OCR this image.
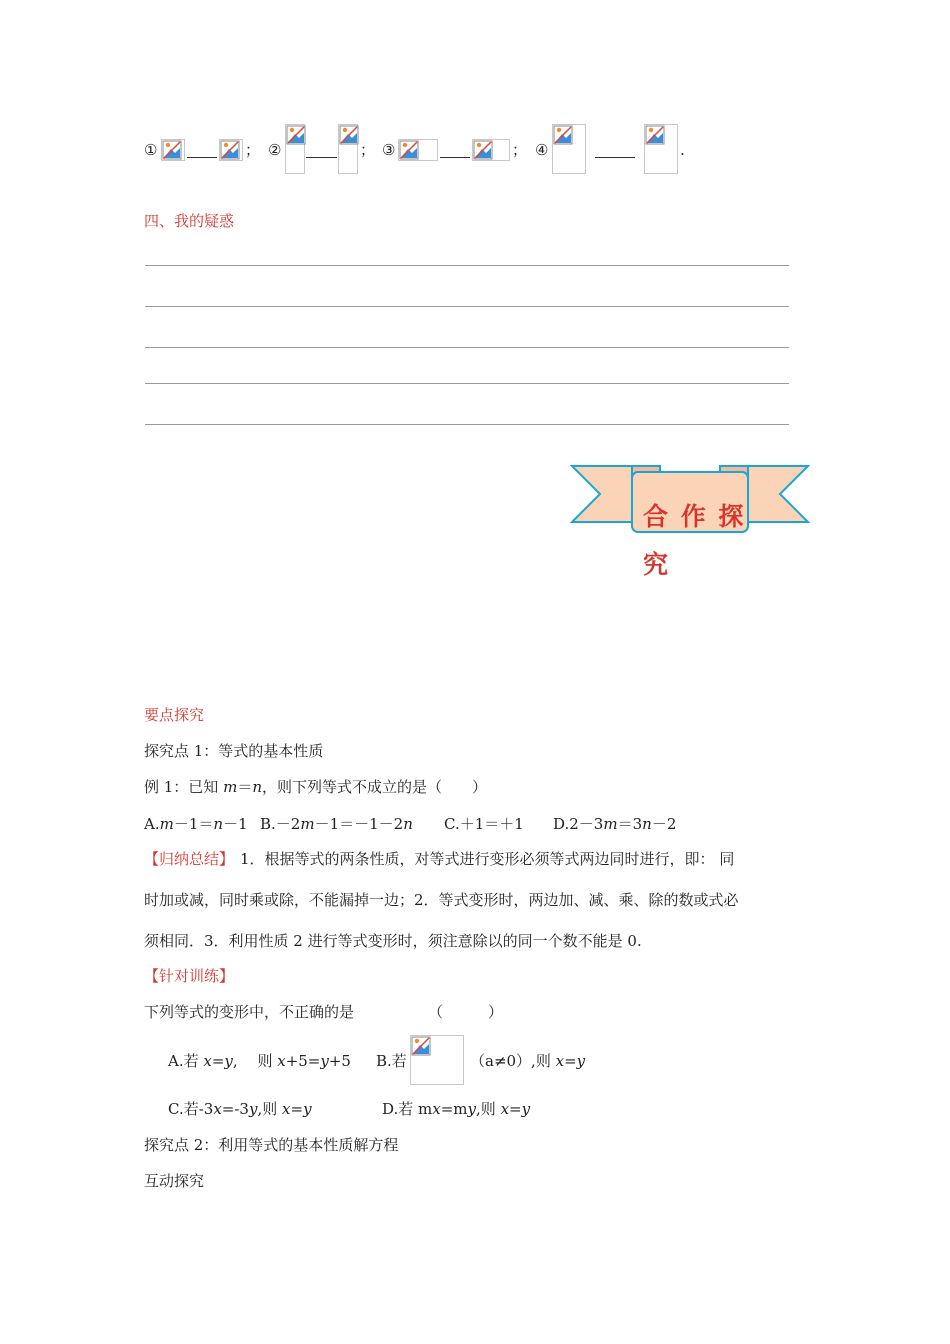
①	； ②	； ③	； ④	.
四、我的疑惑
合 作 探
究
要点探究
探究点 1：等式的基本性质
例 1：已知 m＝n，则下列等式不成立的是（　　）
A.m－1＝n－1 B.－2m－1＝－1－2n C.＋1＝＋1 D.2－3m＝3n－2
【归纳总结】 1．根据等式的两条性质，对等式进行变形必须等式两边同时进行，即： 同
时加或减，同时乘或除，不能漏掉一边；2．等式变形时，两边加、减、乘、除的数或式必
须相同．3．利用性质 2 进行等式变形时，须注意除以的同一个数不能是 0.
【针对训练】
下列等式的变形中，不正确的是	（　　　）
A.若 x=y,　 则 x+5=y+5 B.若	（a≠0）,则 x=y
C.若-3x=-3y,则 x=y	D.若 mx=my,则 x=y
探究点 2：利用等式的基本性质解方程
互动探究
